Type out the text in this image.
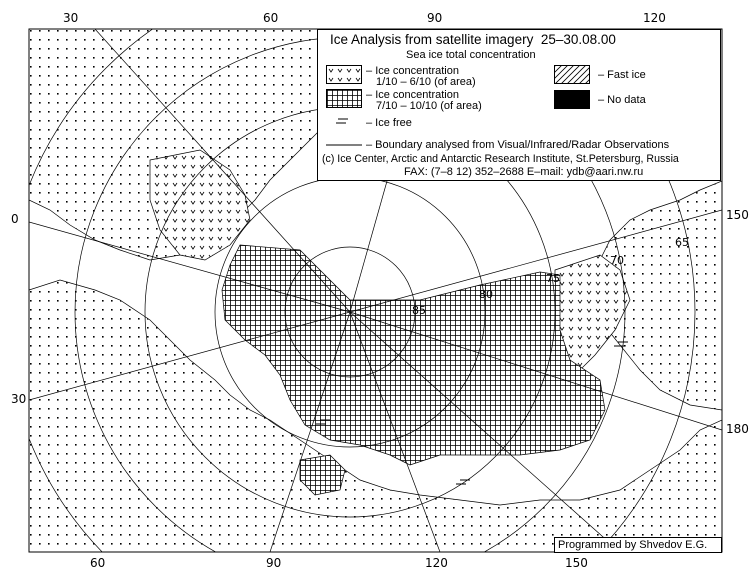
30	60	90	120
60	90	120	150
0
30
150
180
85
80
75
70
65
Ice Analysis from satellite imagery 25–30.08.00
Sea ice total concentration
– Ice concentration
1/10 – 6/10 (of area)
– Ice concentration
7/10 – 10/10 (of area)
– Fast ice
– No data
– Ice free
– Boundary analysed from Visual/Infrared/Radar Observations
(c) Ice Center, Arctic and Antarctic Research Institute, St.Petersburg, Russia
FAX: (7–8 12) 352–2688 E–mail: ydb@aari.nw.ru
Programmed by Shvedov E.G.
